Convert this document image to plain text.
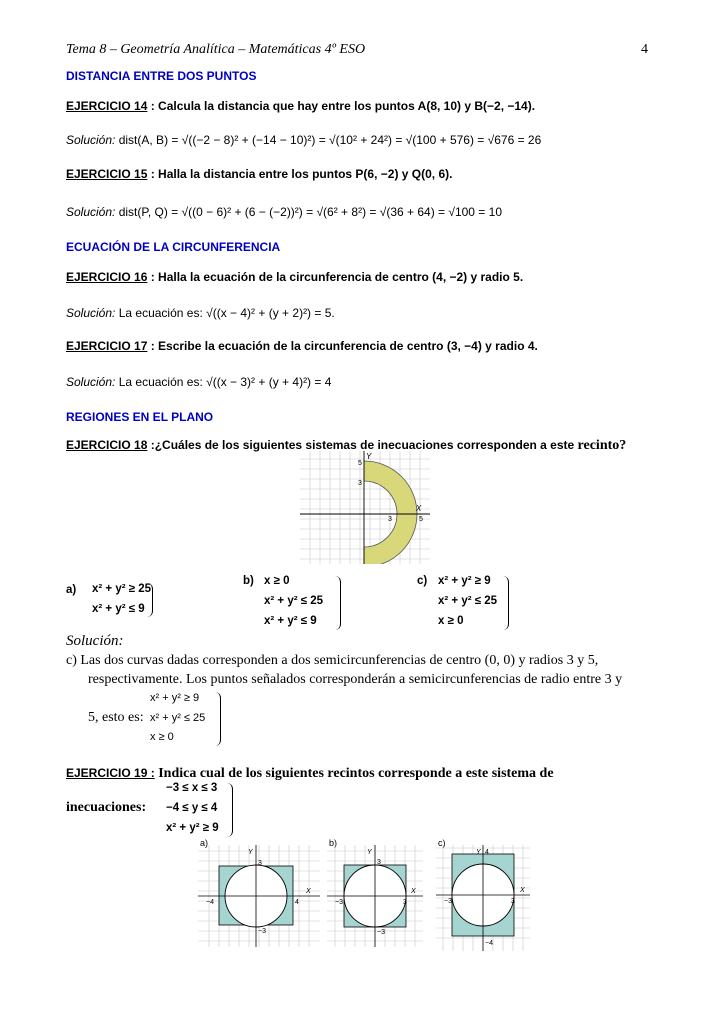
Tema 8 – Geometría Analítica – Matemáticas 4º ESO	4
DISTANCIA ENTRE DOS PUNTOS
EJERCICIO 14 : Calcula la distancia que hay entre los puntos A(8, 10) y B(−2, −14).
Solución: dist(A, B) = √((−2 − 8)² + (−14 − 10)²) = √(10² + 24²) = √(100 + 576) = √676 = 26
EJERCICIO 15 : Halla la distancia entre los puntos P(6, −2) y Q(0, 6).
Solución: dist(P, Q) = √((0 − 6)² + (6 − (−2))²) = √(6² + 8²) = √(36 + 64) = √100 = 10
ECUACIÓN DE LA CIRCUNFERENCIA
EJERCICIO 16 : Halla la ecuación de la circunferencia de centro (4, −2) y radio 5.
Solución: La ecuación es: √((x − 4)² + (y + 2)²) = 5.
EJERCICIO 17 : Escribe la ecuación de la circunferencia de centro (3, −4) y radio 4.
Solución: La ecuación es: √((x − 3)² + (y + 4)²) = 4
REGIONES EN EL PLANO
EJERCICIO 18 :¿Cuáles de los siguientes sistemas de inecuaciones corresponden a este recinto?
Y
5
3
X
3	5
a) x² + y² ≥ 25
x² + y² ≤ 9
b) x ≥ 0
x² + y² ≤ 25
x² + y² ≤ 9
c) x² + y² ≥ 9
x² + y² ≤ 25
x ≥ 0
Solución:
c) Las dos curvas dadas corresponden a dos semicircunferencias de centro (0, 0) y radios 3 y 5,
respectivamente. Los puntos señalados corresponderán a semicircunferencias de radio entre 3 y
x² + y² ≥ 9
5, esto es: x² + y² ≤ 25
x ≥ 0
EJERCICIO 19 : Indica cual de los siguientes recintos corresponde a este sistema de
inecuaciones:
−3 ≤ x ≤ 3
−4 ≤ y ≤ 4
x² + y² ≥ 9
a)
Y
3
X
−4	4
−3
b)
Y
3
X
−3	3
−3
c)
Y 4
X
−3	3
−4
